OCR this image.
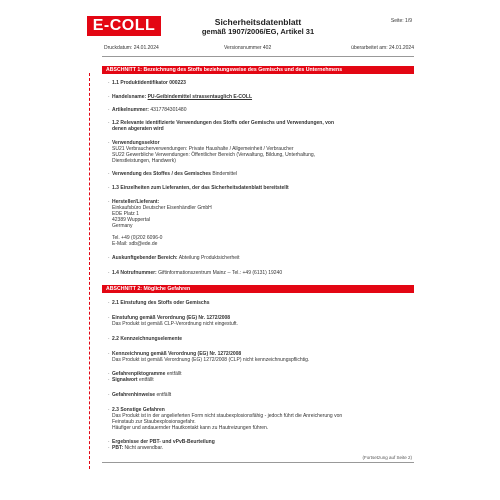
E-COLL	Sicherheitsdatenblatt
gemäß 1907/2006/EG, Artikel 31
Seite: 1/9
Druckdatum: 24.01.2024	Versionsnummer 402	überarbeitet am: 24.01.2024
ABSCHNITT 1: Bezeichnung des Stoffs beziehungsweise des Gemischs und des Unternehmens
· 1.1 Produktidentifikator 000223
· Handelsname: PU-Geibindemittel strassentauglich E-COLL
· Artikelnummer: 4317784301480
· 1.2 Relevante identifizierte Verwendungen des Stoffs oder Gemischs und Verwendungen, von
denen abgeraten wird
· Verwendungssektor
SU21 Verbraucherverwendungen: Private Haushalte / Allgemeinheit / Verbraucher
SU22 Gewerbliche Verwendungen: Öffentlicher Bereich (Verwaltung, Bildung, Unterhaltung,
Dienstleistungen, Handwerk)
· Verwendung des Stoffes / des Gemisches Bindemittel
· 1.3 Einzelheiten zum Lieferanten, der das Sicherheitsdatenblatt bereitstellt
· Hersteller/Lieferant:
Einkaufsbüro Deutscher Eisenhändler GmbH
EDE Platz 1
42389 Wuppertal
Germany
Tel. +49 (0)202 6096-0
E-Mail: sdb@ede.de
· Auskunftgebender Bereich: Abteilung Produktsicherheit
· 1.4 Notrufnummer: Giftinformationszentrum Mainz -- Tel.: +49 (6131) 19240
ABSCHNITT 2: Mögliche Gefahren
· 2.1 Einstufung des Stoffs oder Gemischs
· Einstufung gemäß Verordnung (EG) Nr. 1272/2008
Das Produkt ist gemäß CLP-Verordnung nicht eingestuft.
· 2.2 Kennzeichnungselemente
· Kennzeichnung gemäß Verordnung (EG) Nr. 1272/2008
Das Produkt ist gemäß Verordnung (EG) 1272/2008 (CLP) nicht kennzeichnungspflichtig.
· Gefahrenpiktogramme entfällt
· Signalwort entfällt
· Gefahrenhinweise entfällt
· 2.3 Sonstige Gefahren
Das Produkt ist in der angelieferten Form nicht staubexplosionsfähig - jedoch führt die Anreicherung von
Feinstaub zur Staubexplosionsgefahr.
Häufiger und andauernder Hautkontakt kann zu Hautreizungen führen.
· Ergebnisse der PBT- und vPvB-Beurteilung
· PBT: Nicht anwendbar.
(Fortsetzung auf Seite 2)
